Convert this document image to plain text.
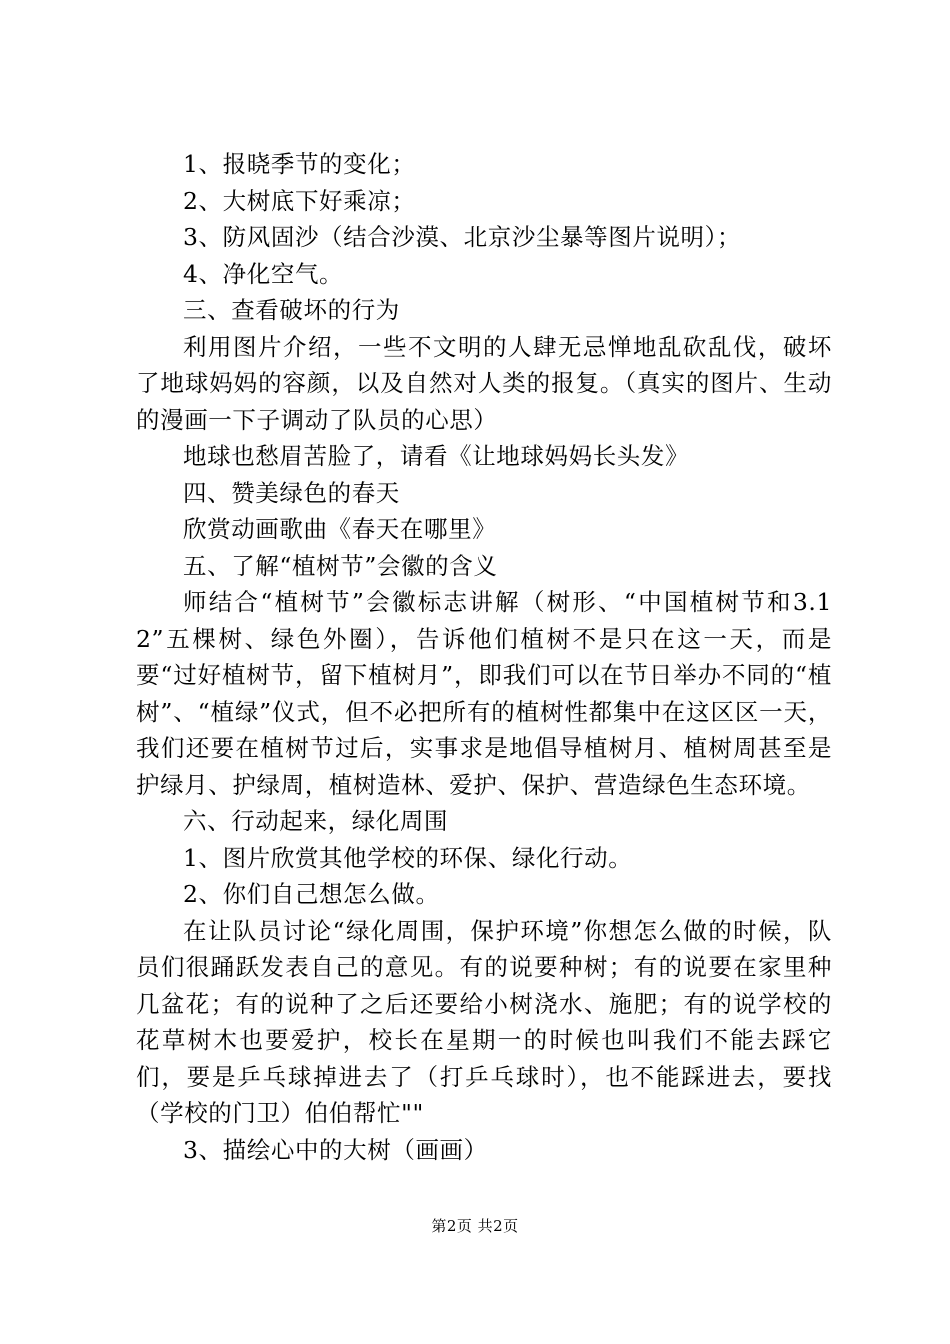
1、报晓季节的变化；

2、大树底下好乘凉；

3、防风固沙（结合沙漠、北京沙尘暴等图片说明）；

4、净化空气。

三、查看破坏的行为

利用图片介绍，一些不文明的人肆无忌惮地乱砍乱伐，破坏了地球妈妈的容颜，以及自然对人类的报复。（真实的图片、生动的漫画一下子调动了队员的心思）

地球也愁眉苦脸了，请看《让地球妈妈长头发》

四、赞美绿色的春天

欣赏动画歌曲《春天在哪里》

五、了解“植树节”会徽的含义

师结合“植树节”会徽标志讲解（树形、“中国植树节和3.12”五棵树、绿色外圈），告诉他们植树不是只在这一天，而是要“过好植树节，留下植树月”，即我们可以在节日举办不同的“植树”、“植绿”仪式，但不必把所有的植树性都集中在这区区一天，我们还要在植树节过后，实事求是地倡导植树月、植树周甚至是护绿月、护绿周，植树造林、爱护、保护、营造绿色生态环境。

六、行动起来，绿化周围

1、图片欣赏其他学校的环保、绿化行动。

2、你们自己想怎么做。

在让队员讨论“绿化周围，保护环境”你想怎么做的时候，队员们很踊跃发表自己的意见。有的说要种树；有的说要在家里种几盆花；有的说种了之后还要给小树浇水、施肥；有的说学校的花草树木也要爱护，校长在星期一的时候也叫我们不能去踩它们，要是乒乓球掉进去了（打乒乓球时），也不能踩进去，要找（学校的门卫）伯伯帮忙""

3、描绘心中的大树（画画）

第2页 共2页
